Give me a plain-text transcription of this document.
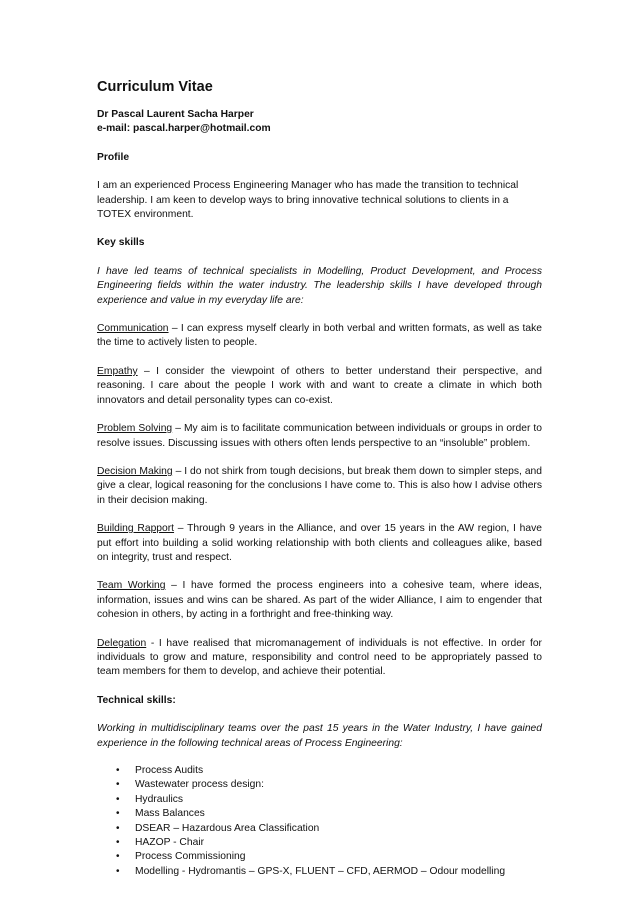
Curriculum Vitae

Dr Pascal Laurent Sacha Harper

e-mail: pascal.harper@hotmail.com

Profile

I am an experienced Process Engineering Manager who has made the transition to technical leadership. I am keen to develop ways to bring innovative technical solutions to clients in a TOTEX environment.

Key skills

I have led teams of technical specialists in Modelling, Product Development, and Process Engineering fields within the water industry. The leadership skills I have developed through experience and value in my everyday life are:

Communication – I can express myself clearly in both verbal and written formats, as well as take the time to actively listen to people.

Empathy – I consider the viewpoint of others to better understand their perspective, and reasoning. I care about the people I work with and want to create a climate in which both innovators and detail personality types can co-exist.

Problem Solving – My aim is to facilitate communication between individuals or groups in order to resolve issues. Discussing issues with others often lends perspective to an “insoluble” problem.

Decision Making – I do not shirk from tough decisions, but break them down to simpler steps, and give a clear, logical reasoning for the conclusions I have come to. This is also how I advise others in their decision making.

Building Rapport – Through 9 years in the Alliance, and over 15 years in the AW region, I have put effort into building a solid working relationship with both clients and colleagues alike, based on integrity, trust and respect.

Team Working – I have formed the process engineers into a cohesive team, where ideas, information, issues and wins can be shared. As part of the wider Alliance, I aim to engender that cohesion in others, by acting in a forthright and free-thinking way.

Delegation - I have realised that micromanagement of individuals is not effective. In order for individuals to grow and mature, responsibility and control need to be appropriately passed to team members for them to develop, and achieve their potential.

Technical skills:

Working in multidisciplinary teams over the past 15 years in the Water Industry, I have gained experience in the following technical areas of Process Engineering:

• Process Audits
• Wastewater process design:
• Hydraulics
• Mass Balances
• DSEAR – Hazardous Area Classification
• HAZOP - Chair
• Process Commissioning
• Modelling - Hydromantis – GPS-X, FLUENT – CFD, AERMOD – Odour modelling
